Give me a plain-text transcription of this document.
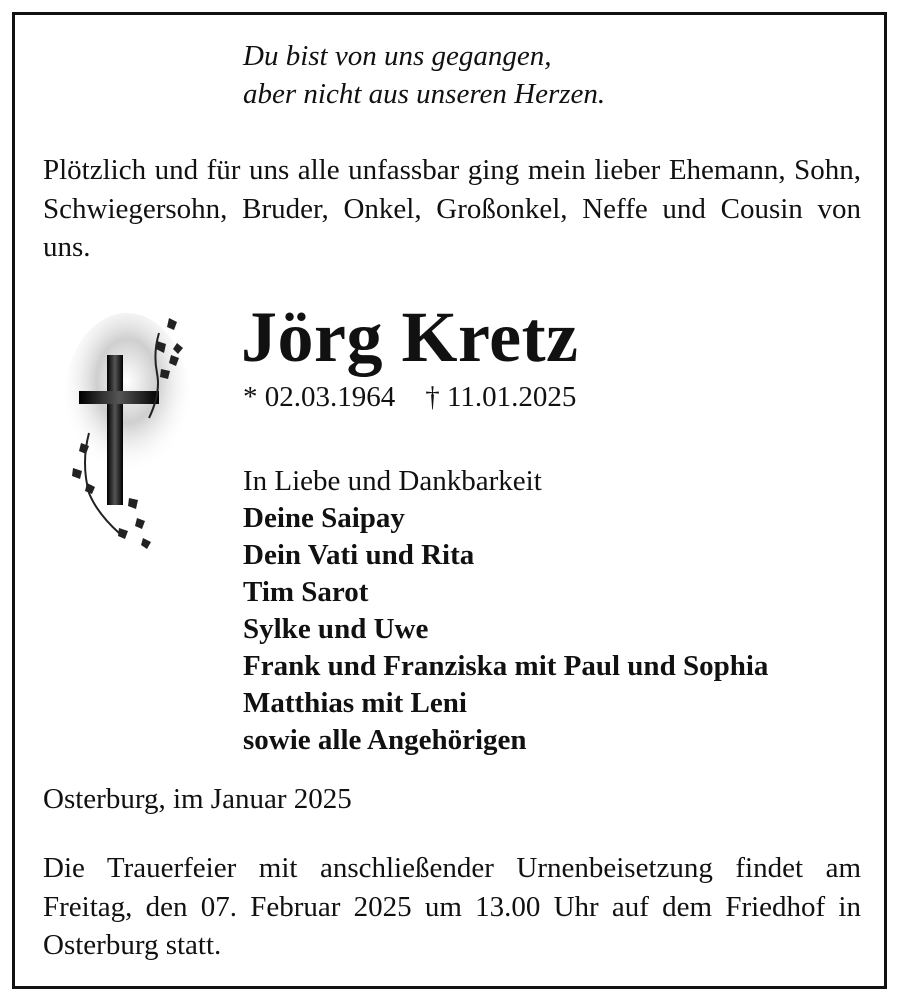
Du bist von uns gegangen,
aber nicht aus unseren Herzen.
Plötzlich und für uns alle unfassbar ging mein lieber Ehemann, Sohn, Schwiegersohn, Bruder, Onkel, Großonkel, Neffe und Cousin von uns.
Jörg Kretz
* 02.03.1964 † 11.01.2025
In Liebe und Dankbarkeit
Deine Saipay
Dein Vati und Rita
Tim Sarot
Sylke und Uwe
Frank und Franziska mit Paul und Sophia
Matthias mit Leni
sowie alle Angehörigen
Osterburg, im Januar 2025
Die Trauerfeier mit anschließender Urnenbeisetzung findet am Freitag, den 07. Februar 2025 um 13.00 Uhr auf dem Friedhof in Osterburg statt.
